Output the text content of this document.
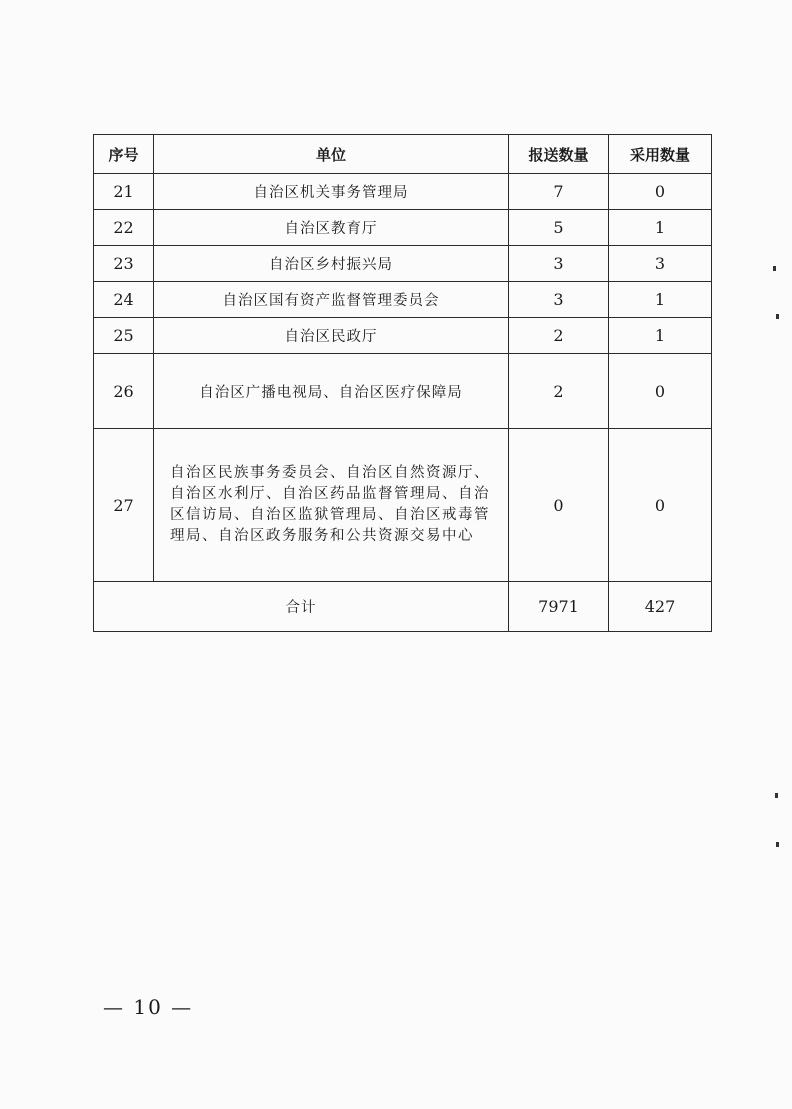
序号	单位	报送数量	采用数量
21	自治区机关事务管理局	7	0
22	自治区教育厅	5	1
23	自治区乡村振兴局	3	3
24	自治区国有资产监督管理委员会	3	1
25	自治区民政厅	2	1
26	自治区广播电视局、自治区医疗保障局	2	0
27	自治区民族事务委员会、自治区自然资源厅、自治区水利厅、自治区药品监督管理局、自治区信访局、自治区监狱管理局、自治区戒毒管理局、自治区政务服务和公共资源交易中心	0	0
合计		7971	427
— 10 —
